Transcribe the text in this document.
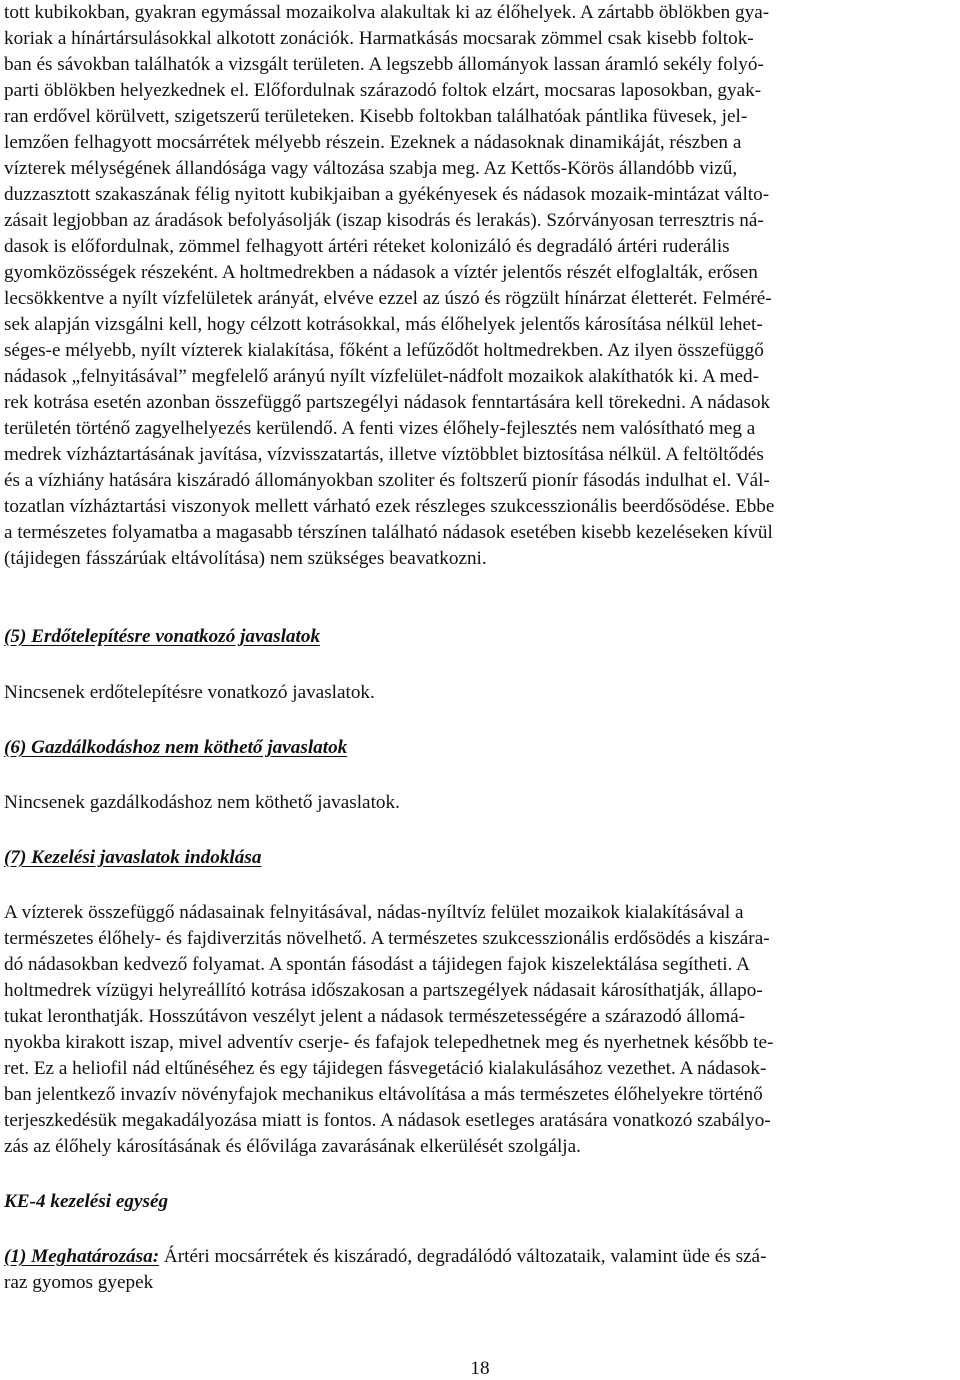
tott kubikokban, gyakran egymással mozaikolva alakultak ki az élőhelyek. A zártabb öblökben gya-
koriak a hínártársulásokkal alkotott zonációk. Harmatkásás mocsarak zömmel csak kisebb foltok-
ban és sávokban találhatók a vizsgált területen. A legszebb állományok lassan áramló sekély folyó-
parti öblökben helyezkednek el. Előfordulnak szárazodó foltok elzárt, mocsaras laposokban, gyak-
ran erdővel körülvett, szigetszerű területeken. Kisebb foltokban találhatóak pántlika füvesek, jel-
lemzően felhagyott mocsárrétek mélyebb részein. Ezeknek a nádasoknak dinamikáját, részben a
vízterek mélységének állandósága vagy változása szabja meg. Az Kettős-Körös állandóbb vizű,
duzzasztott szakaszának félig nyitott kubikjaiban a gyékényesek és nádasok mozaik-mintázat válto-
zásait legjobban az áradások befolyásolják (iszap kisodrás és lerakás). Szórványosan terresztris ná-
dasok is előfordulnak, zömmel felhagyott ártéri réteket kolonizáló és degradáló ártéri ruderális
gyomközösségek részeként. A holtmedrekben a nádasok a víztér jelentős részét elfoglalták, erősen
lecsökkentve a nyílt vízfelületek arányát, elvéve ezzel az úszó és rögzült hínárzat életterét. Felméré-
sek alapján vizsgálni kell, hogy célzott kotrásokkal, más élőhelyek jelentős károsítása nélkül lehet-
séges-e mélyebb, nyílt vízterek kialakítása, főként a lefűződőt holtmedrekben. Az ilyen összefüggő
nádasok „felnyitásával” megfelelő arányú nyílt vízfelület-nádfolt mozaikok alakíthatók ki. A med-
rek kotrása esetén azonban összefüggő partszegélyi nádasok fenntartására kell törekedni. A nádasok
területén történő zagyelhelyezés kerülendő. A fenti vizes élőhely-fejlesztés nem valósítható meg a
medrek vízháztartásának javítása, vízvisszatartás, illetve víztöbblet biztosítása nélkül. A feltöltődés
és a vízhiány hatására kiszáradó állományokban szoliter és foltszerű pionír fásodás indulhat el. Vál-
tozatlan vízháztartási viszonyok mellett várható ezek részleges szukcesszionális beerdősödése. Ebbe
a természetes folyamatba a magasabb térszínen található nádasok esetében kisebb kezeléseken kívül
(tájidegen fásszárúak eltávolítása) nem szükséges beavatkozni.
(5) Erdőtelepítésre vonatkozó javaslatok
Nincsenek erdőtelepítésre vonatkozó javaslatok.
(6) Gazdálkodáshoz nem köthető javaslatok
Nincsenek gazdálkodáshoz nem köthető javaslatok.
(7) Kezelési javaslatok indoklása
A vízterek összefüggő nádasainak felnyitásával, nádas-nyíltvíz felület mozaikok kialakításával a
természetes élőhely- és fajdiverzitás növelhető. A természetes szukcesszionális erdősödés a kiszára-
dó nádasokban kedvező folyamat. A spontán fásodást a tájidegen fajok kiszelektálása segítheti. A
holtmedrek vízügyi helyreállító kotrása időszakosan a partszegélyek nádasait károsíthatják, állapo-
tukat leronthatják. Hosszútávon veszélyt jelent a nádasok természetességére a szárazodó állomá-
nyokba kirakott iszap, mivel adventív cserje- és fafajok telepedhetnek meg és nyerhetnek később te-
ret. Ez a heliofil nád eltűnéséhez és egy tájidegen fásvegetáció kialakulásához vezethet. A nádasok-
ban jelentkező invazív növényfajok mechanikus eltávolítása a más természetes élőhelyekre történő
terjeszkedésük megakadályozása miatt is fontos. A nádasok esetleges aratására vonatkozó szabályo-
zás az élőhely károsításának és élővilága zavarásának elkerülését szolgálja.
KE-4 kezelési egység
(1) Meghatározása: Ártéri mocsárrétek és kiszáradó, degradálódó változataik, valamint üde és szá-
raz gyomos gyepek
18
